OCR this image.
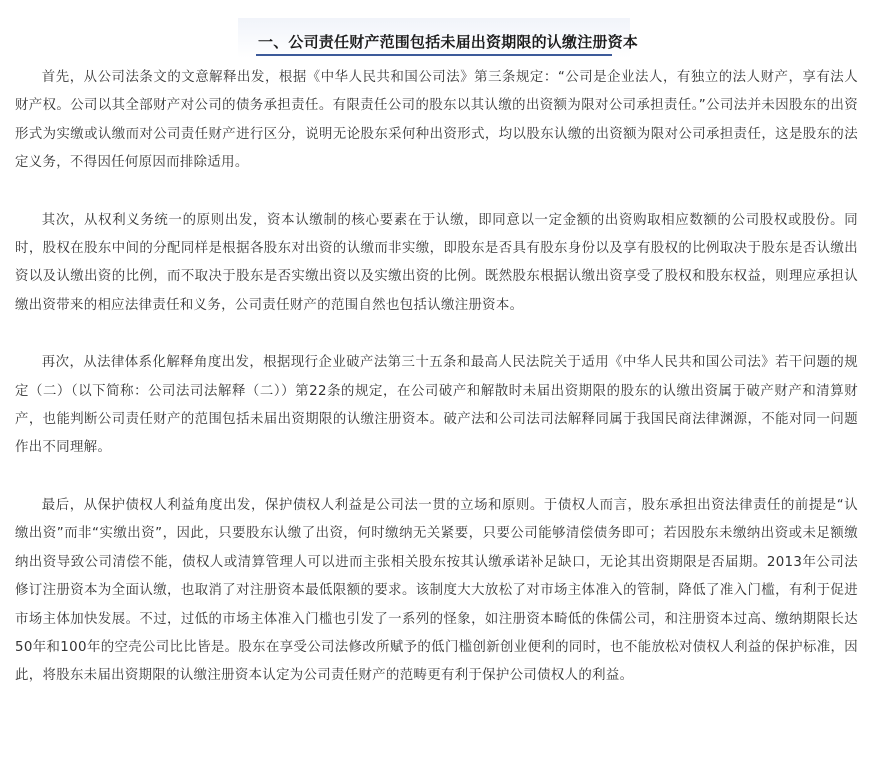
一、公司责任财产范围包括未届出资期限的认缴注册资本

首先，从公司法条文的文意解释出发，根据《中华人民共和国公司法》第三条规定：“公司是企业法人，有独立的法人财产，享有法人财产权。公司以其全部财产对公司的债务承担责任。有限责任公司的股东以其认缴的出资额为限对公司承担责任。”公司法并未因股东的出资形式为实缴或认缴而对公司责任财产进行区分，说明无论股东采何种出资形式，均以股东认缴的出资额为限对公司承担责任，这是股东的法定义务，不得因任何原因而排除适用。

其次，从权利义务统一的原则出发，资本认缴制的核心要素在于认缴，即同意以一定金额的出资购取相应数额的公司股权或股份。同时，股权在股东中间的分配同样是根据各股东对出资的认缴而非实缴，即股东是否具有股东身份以及享有股权的比例取决于股东是否认缴出资以及认缴出资的比例，而不取决于股东是否实缴出资以及实缴出资的比例。既然股东根据认缴出资享受了股权和股东权益，则理应承担认缴出资带来的相应法律责任和义务，公司责任财产的范围自然也包括认缴注册资本。

再次，从法律体系化解释角度出发，根据现行企业破产法第三十五条和最高人民法院关于适用《中华人民共和国公司法》若干问题的规定（二）（以下简称：公司法司法解释（二））第22条的规定，在公司破产和解散时未届出资期限的股东的认缴出资属于破产财产和清算财产，也能判断公司责任财产的范围包括未届出资期限的认缴注册资本。破产法和公司法司法解释同属于我国民商法律渊源，不能对同一问题作出不同理解。

最后，从保护债权人利益角度出发，保护债权人利益是公司法一贯的立场和原则。于债权人而言，股东承担出资法律责任的前提是“认缴出资”而非“实缴出资”，因此，只要股东认缴了出资，何时缴纳无关紧要，只要公司能够清偿债务即可；若因股东未缴纳出资或未足额缴纳出资导致公司清偿不能，债权人或清算管理人可以进而主张相关股东按其认缴承诺补足缺口，无论其出资期限是否届期。2013年公司法修订注册资本为全面认缴，也取消了对注册资本最低限额的要求。该制度大大放松了对市场主体准入的管制，降低了准入门槛，有利于促进市场主体加快发展。不过，过低的市场主体准入门槛也引发了一系列的怪象，如注册资本畸低的侏儒公司，和注册资本过高、缴纳期限长达50年和100年的空壳公司比比皆是。股东在享受公司法修改所赋予的低门槛创新创业便利的同时，也不能放松对债权人利益的保护标准，因此，将股东未届出资期限的认缴注册资本认定为公司责任财产的范畴更有利于保护公司债权人的利益。
